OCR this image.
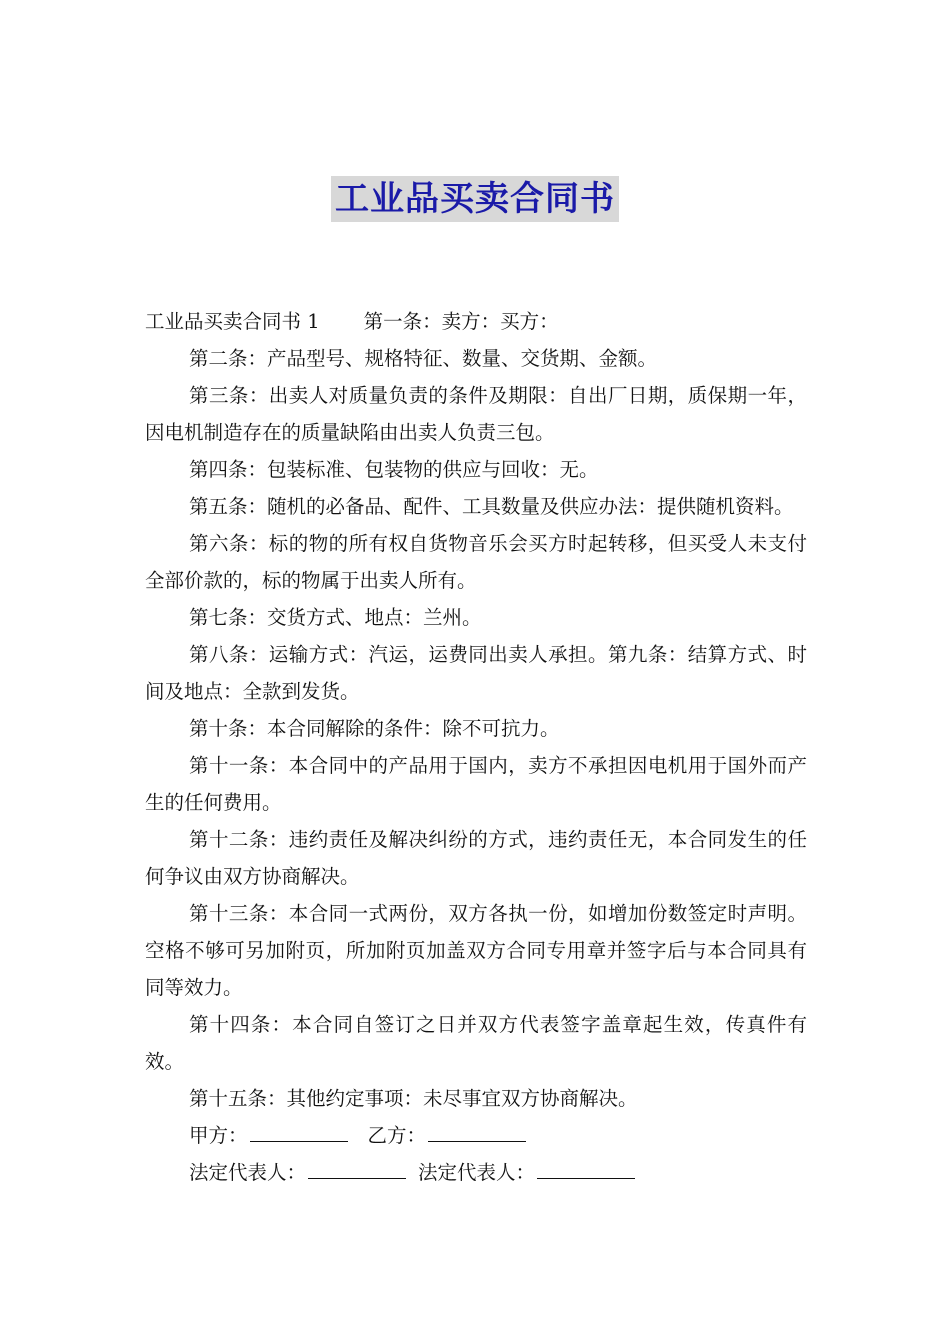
工业品买卖合同书

工业品买卖合同书 1 第一条：卖方：买方：

第二条：产品型号、规格特征、数量、交货期、金额。

第三条：出卖人对质量负责的条件及期限：自出厂日期，质保期一年，因电机制造存在的质量缺陷由出卖人负责三包。

第四条：包装标准、包装物的供应与回收：无。

第五条：随机的必备品、配件、工具数量及供应办法：提供随机资料。

第六条：标的物的所有权自货物音乐会买方时起转移，但买受人未支付全部价款的，标的物属于出卖人所有。

第七条：交货方式、地点：兰州。

第八条：运输方式：汽运，运费同出卖人承担。第九条：结算方式、时间及地点：全款到发货。

第十条：本合同解除的条件：除不可抗力。

第十一条：本合同中的产品用于国内，卖方不承担因电机用于国外而产生的任何费用。

第十二条：违约责任及解决纠纷的方式，违约责任无，本合同发生的任何争议由双方协商解决。

第十三条：本合同一式两份，双方各执一份，如增加份数签定时声明。空格不够可另加附页，所加附页加盖双方合同专用章并签字后与本合同具有同等效力。

第十四条：本合同自签订之日并双方代表签字盖章起生效，传真件有效。

第十五条：其他约定事项：未尽事宜双方协商解决。

甲方：	乙方：

法定代表人：	法定代表人：
